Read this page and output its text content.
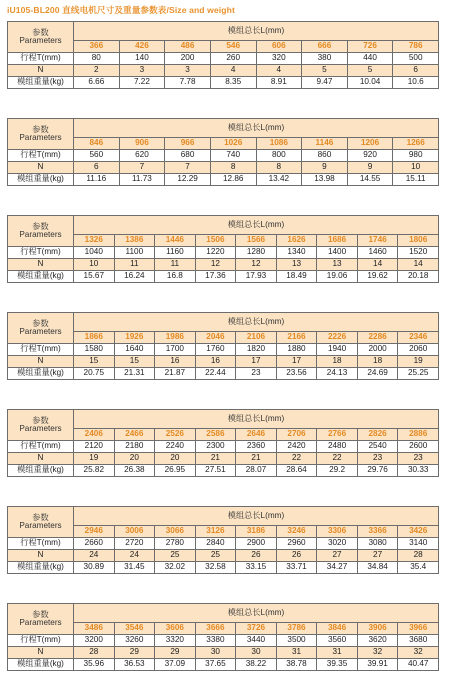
iU105-BL200 直线电机尺寸及重量参数表/Size and weight
参数
Parameters	模组总长L(mm)							
	366	426	486	546	606	666	726	786
行程T(mm)	80	140	200	260	320	380	440	500
N	2	3	3	4	4	5	5	6
模组重量(kg)	6.66	7.22	7.78	8.35	8.91	9.47	10.04	10.6
参数
Parameters	模组总长L(mm)							
	846	906	966	1026	1086	1146	1206	1266
行程T(mm)	560	620	680	740	800	860	920	980
N	6	7	7	8	8	9	9	10
模组重量(kg)	11.16	11.73	12.29	12.86	13.42	13.98	14.55	15.11
参数
Parameters	模组总长L(mm)								
	1326	1386	1446	1506	1566	1626	1686	1746	1806
行程T(mm)	1040	1100	1160	1220	1280	1340	1400	1460	1520
N	10	11	11	12	12	13	13	14	14
模组重量(kg)	15.67	16.24	16.8	17.36	17.93	18.49	19.06	19.62	20.18
参数
Parameters	模组总长L(mm)								
	1866	1926	1986	2046	2106	2166	2226	2286	2346
行程T(mm)	1580	1640	1700	1760	1820	1880	1940	2000	2060
N	15	15	16	16	17	17	18	18	19
模组重量(kg)	20.75	21.31	21.87	22.44	23	23.56	24.13	24.69	25.25
参数
Parameters	模组总长L(mm)								
	2406	2466	2526	2586	2646	2706	2766	2826	2886
行程T(mm)	2120	2180	2240	2300	2360	2420	2480	2540	2600
N	19	20	20	21	21	22	22	23	23
模组重量(kg)	25.82	26.38	26.95	27.51	28.07	28.64	29.2	29.76	30.33
参数
Parameters	模组总长L(mm)								
	2946	3006	3066	3126	3186	3246	3306	3366	3426
行程T(mm)	2660	2720	2780	2840	2900	2960	3020	3080	3140
N	24	24	25	25	26	26	27	27	28
模组重量(kg)	30.89	31.45	32.02	32.58	33.15	33.71	34.27	34.84	35.4
参数
Parameters	模组总长L(mm)								
	3486	3546	3606	3666	3726	3786	3846	3906	3966
行程T(mm)	3200	3260	3320	3380	3440	3500	3560	3620	3680
N	28	29	29	30	30	31	31	32	32
模组重量(kg)	35.96	36.53	37.09	37.65	38.22	38.78	39.35	39.91	40.47
